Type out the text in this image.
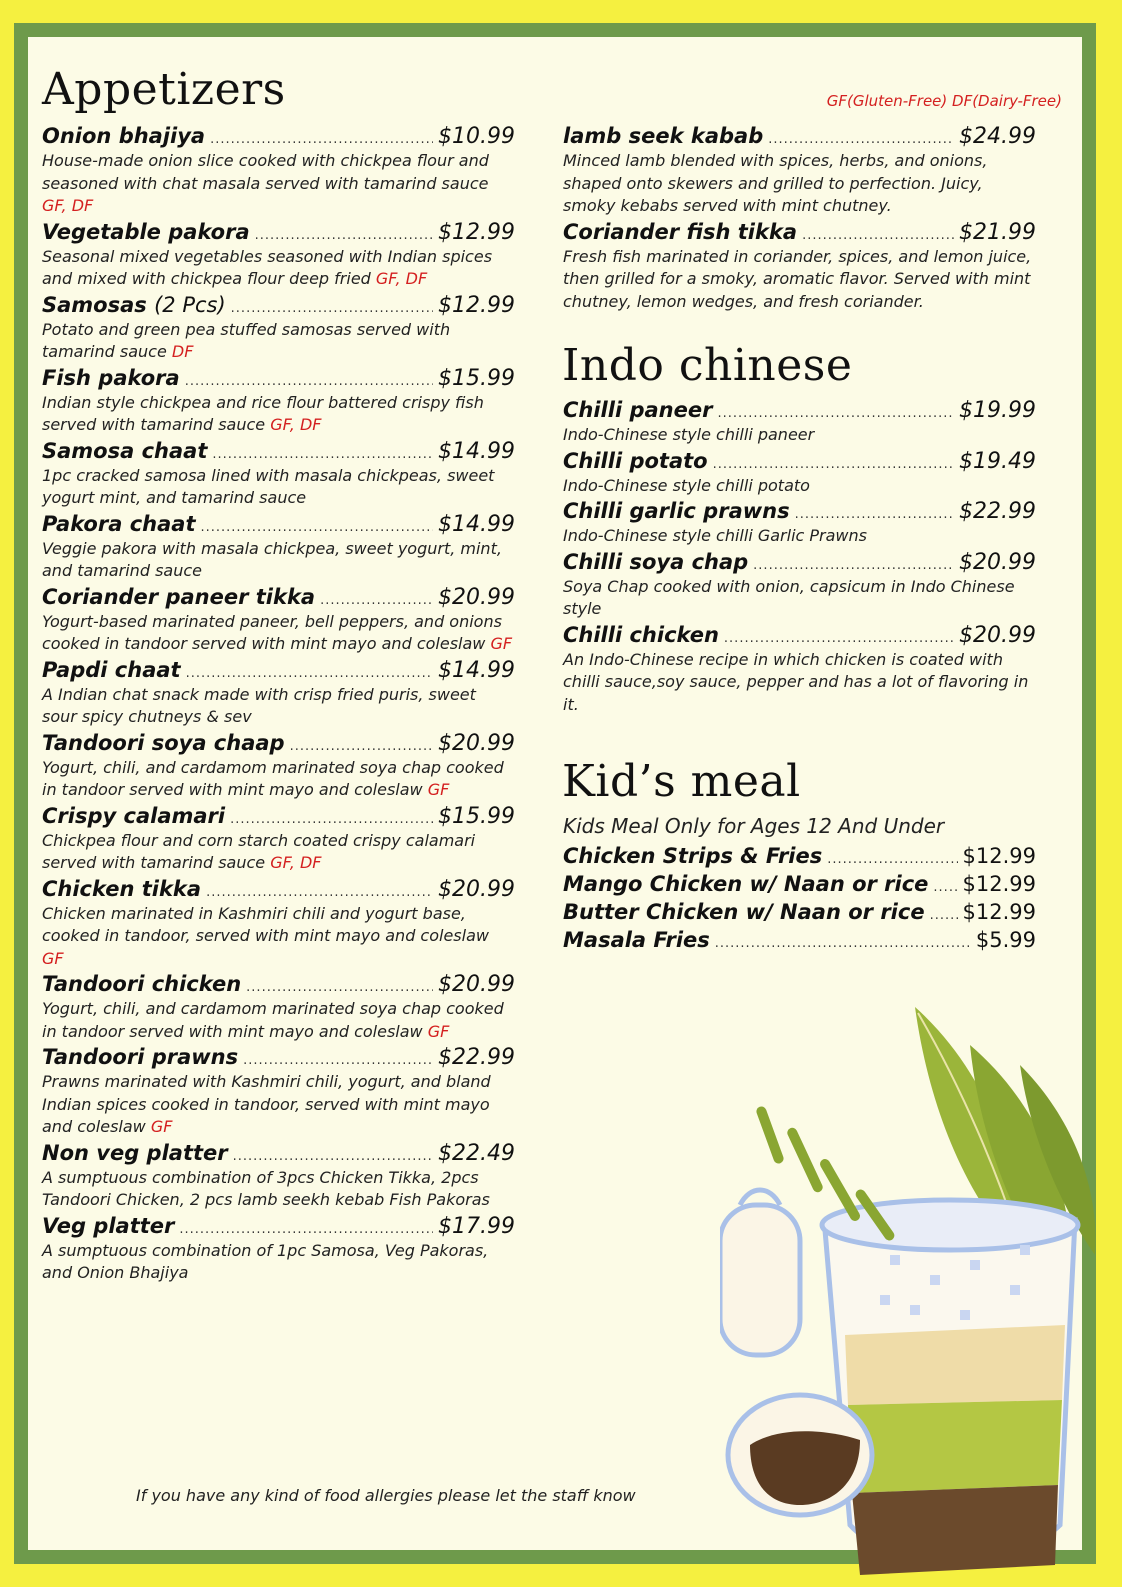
Appetizers	GF(Gluten-Free) DF(Dairy-Free)
Onion bhajiya .....	$10.99
House-made onion slice cooked with chickpea flour and seasoned with chat masala served with tamarind sauce GF, DF
Vegetable pakora .....	$12.99
Seasonal mixed vegetables seasoned with Indian spices and mixed with chickpea flour deep fried GF, DF
Samosas (2 Pcs) .....	$12.99
Potato and green pea stuffed samosas served with tamarind sauce DF
Fish pakora .....	$15.99
Indian style chickpea and rice flour battered crispy fish served with tamarind sauce GF, DF
Samosa chaat .....	$14.99
1pc cracked samosa lined with masala chickpeas, sweet yogurt mint, and tamarind sauce
Pakora chaat .....	$14.99
Veggie pakora with masala chickpea, sweet yogurt, mint, and tamarind sauce
Coriander paneer tikka .....	$20.99
Yogurt-based marinated paneer, bell peppers, and onions cooked in tandoor served with mint mayo and coleslaw GF
Papdi chaat .....	$14.99
A Indian chat snack made with crisp fried puris, sweet sour spicy chutneys & sev
Tandoori soya chaap .....	$20.99
Yogurt, chili, and cardamom marinated soya chap cooked in tandoor served with mint mayo and coleslaw GF
Crispy calamari .....	$15.99
Chickpea flour and corn starch coated crispy calamari served with tamarind sauce GF, DF
Chicken tikka .....	$20.99
Chicken marinated in Kashmiri chili and yogurt base, cooked in tandoor, served with mint mayo and coleslaw GF
Tandoori chicken .....	$20.99
Yogurt, chili, and cardamom marinated soya chap cooked in tandoor served with mint mayo and coleslaw GF
Tandoori prawns .....	$22.99
Prawns marinated with Kashmiri chili, yogurt, and bland Indian spices cooked in tandoor, served with mint mayo and coleslaw GF
Non veg platter .....	$22.49
A sumptuous combination of 3pcs Chicken Tikka, 2pcs Tandoori Chicken, 2 pcs lamb seekh kebab Fish Pakoras
Veg platter .....	$17.99
A sumptuous combination of 1pc Samosa, Veg Pakoras, and Onion Bhajiya
lamb seek kabab .....	$24.99
Minced lamb blended with spices, herbs, and onions, shaped onto skewers and grilled to perfection. Juicy, smoky kebabs served with mint chutney.
Coriander fish tikka .....	$21.99
Fresh fish marinated in coriander, spices, and lemon juice, then grilled for a smoky, aromatic flavor. Served with mint chutney, lemon wedges, and fresh coriander.
Indo chinese
Chilli paneer .....	$19.99
Indo-Chinese style chilli paneer
Chilli potato .....	$19.49
Indo-Chinese style chilli potato
Chilli garlic prawns .....	$22.99
Indo-Chinese style chilli Garlic Prawns
Chilli soya chap .....	$20.99
Soya Chap cooked with onion, capsicum in Indo Chinese style
Chilli chicken .....	$20.99
An Indo-Chinese recipe in which chicken is coated with chilli sauce,soy sauce, pepper and has a lot of flavoring in it.
Kid’s meal
Kids Meal Only for Ages 12 And Under
Chicken Strips & Fries .....	$12.99
Mango Chicken w/ Naan or rice ..... $12.99
Butter Chicken w/ Naan or rice ..... $12.99
Masala Fries .....	$5.99
If you have any kind of food allergies please let the staff know
